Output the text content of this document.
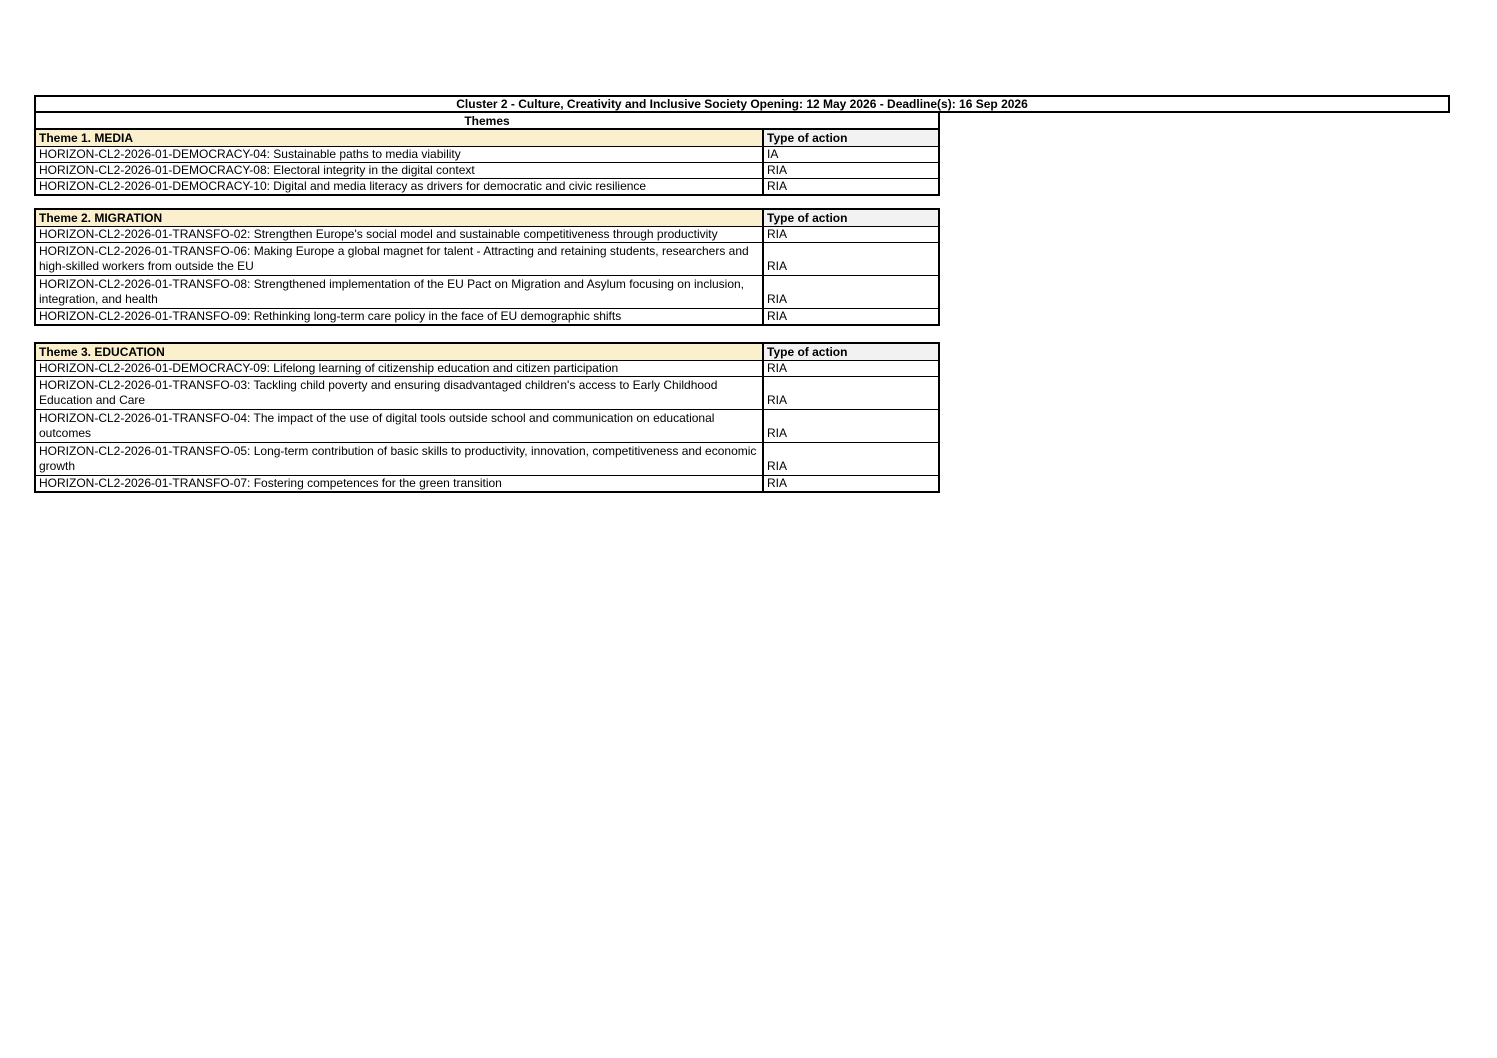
Cluster 2 - Culture, Creativity and Inclusive Society Opening: 12 May 2026 - Deadline(s): 16 Sep 2026
Themes
Theme 1. MEDIA	Type of action
HORIZON-CL2-2026-01-DEMOCRACY-04: Sustainable paths to media viability	IA
HORIZON-CL2-2026-01-DEMOCRACY-08: Electoral integrity in the digital context	RIA
HORIZON-CL2-2026-01-DEMOCRACY-10: Digital and media literacy as drivers for democratic and civic resilience	RIA
Theme 2. MIGRATION	Type of action
HORIZON-CL2-2026-01-TRANSFO-02: Strengthen Europe's social model and sustainable competitiveness through productivity	RIA
HORIZON-CL2-2026-01-TRANSFO-06: Making Europe a global magnet for talent - Attracting and retaining students, researchers and high-skilled workers from outside the EU	RIA
HORIZON-CL2-2026-01-TRANSFO-08: Strengthened implementation of the EU Pact on Migration and Asylum focusing on inclusion, integration, and health	RIA
HORIZON-CL2-2026-01-TRANSFO-09: Rethinking long-term care policy in the face of EU demographic shifts	RIA
Theme 3. EDUCATION	Type of action
HORIZON-CL2-2026-01-DEMOCRACY-09: Lifelong learning of citizenship education and citizen participation	RIA
HORIZON-CL2-2026-01-TRANSFO-03: Tackling child poverty and ensuring disadvantaged children's access to Early Childhood Education and Care	RIA
HORIZON-CL2-2026-01-TRANSFO-04: The impact of the use of digital tools outside school and communication on educational outcomes	RIA
HORIZON-CL2-2026-01-TRANSFO-05: Long-term contribution of basic skills to productivity, innovation, competitiveness and economic growth	RIA
HORIZON-CL2-2026-01-TRANSFO-07: Fostering competences for the green transition	RIA
